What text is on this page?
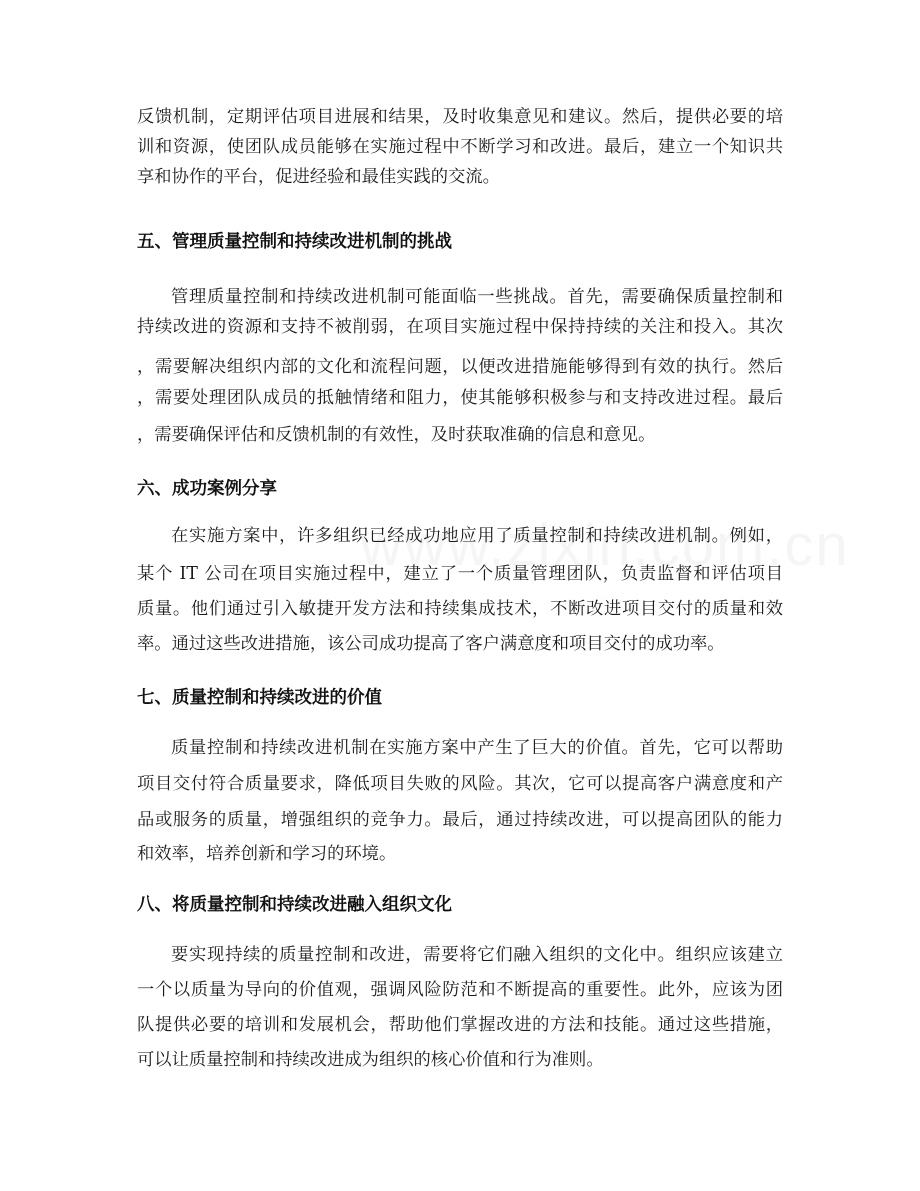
反馈机制，定期评估项目进展和结果，及时收集意见和建议。然后，提供必要的培
训和资源，使团队成员能够在实施过程中不断学习和改进。最后，建立一个知识共
享和协作的平台，促进经验和最佳实践的交流。
五、管理质量控制和持续改进机制的挑战
管理质量控制和持续改进机制可能面临一些挑战。首先，需要确保质量控制和
持续改进的资源和支持不被削弱，在项目实施过程中保持持续的关注和投入。其次
，需要解决组织内部的文化和流程问题，以便改进措施能够得到有效的执行。然后
，需要处理团队成员的抵触情绪和阻力，使其能够积极参与和支持改进过程。最后
，需要确保评估和反馈机制的有效性，及时获取准确的信息和意见。
六、成功案例分享
在实施方案中，许多组织已经成功地应用了质量控制和持续改进机制。例如，
某个 IT 公司在项目实施过程中，建立了一个质量管理团队，负责监督和评估项目
质量。他们通过引入敏捷开发方法和持续集成技术，不断改进项目交付的质量和效
率。通过这些改进措施，该公司成功提高了客户满意度和项目交付的成功率。
七、质量控制和持续改进的价值
质量控制和持续改进机制在实施方案中产生了巨大的价值。首先，它可以帮助
项目交付符合质量要求，降低项目失败的风险。其次，它可以提高客户满意度和产
品或服务的质量，增强组织的竞争力。最后，通过持续改进，可以提高团队的能力
和效率，培养创新和学习的环境。
八、将质量控制和持续改进融入组织文化
要实现持续的质量控制和改进，需要将它们融入组织的文化中。组织应该建立
一个以质量为导向的价值观，强调风险防范和不断提高的重要性。此外，应该为团
队提供必要的培训和发展机会，帮助他们掌握改进的方法和技能。通过这些措施，
可以让质量控制和持续改进成为组织的核心价值和行为准则。
